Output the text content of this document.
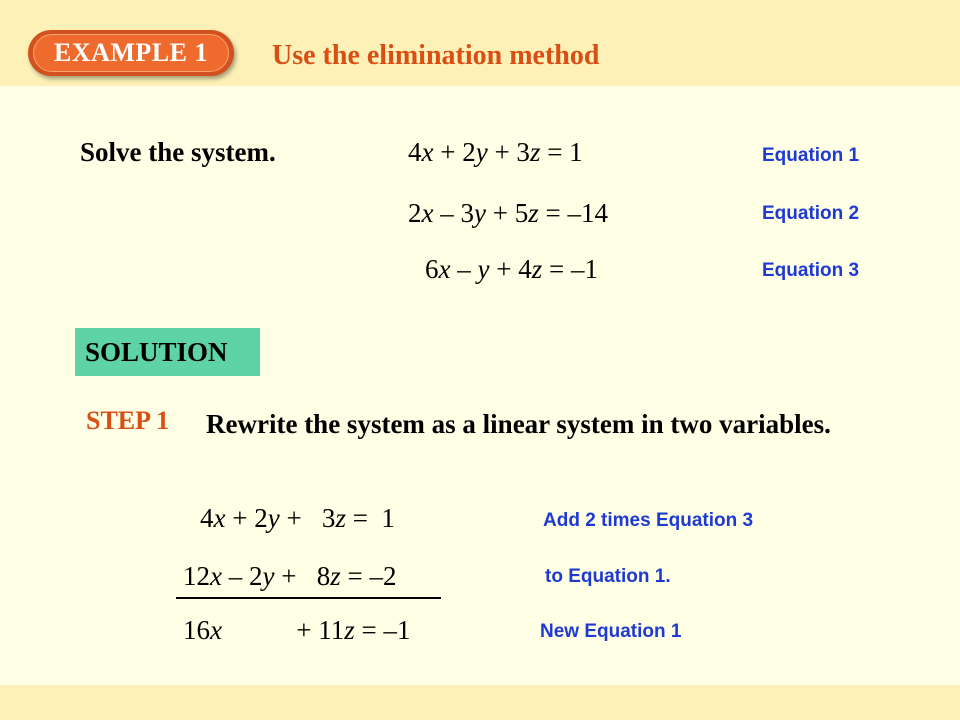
EXAMPLE 1	Use the elimination method
Solve the system.	4x + 2y + 3z = 1	Equation 1
2x – 3y + 5z = –14	Equation 2
6x – y + 4z = –1	Equation 3
SOLUTION
STEP 1 Rewrite the system as a linear system in two variables.
4x + 2y +   3z =  1	Add 2 times Equation 3
12x – 2y +   8z = –2	to Equation 1.
16x           + 11z = –1	New Equation 1
